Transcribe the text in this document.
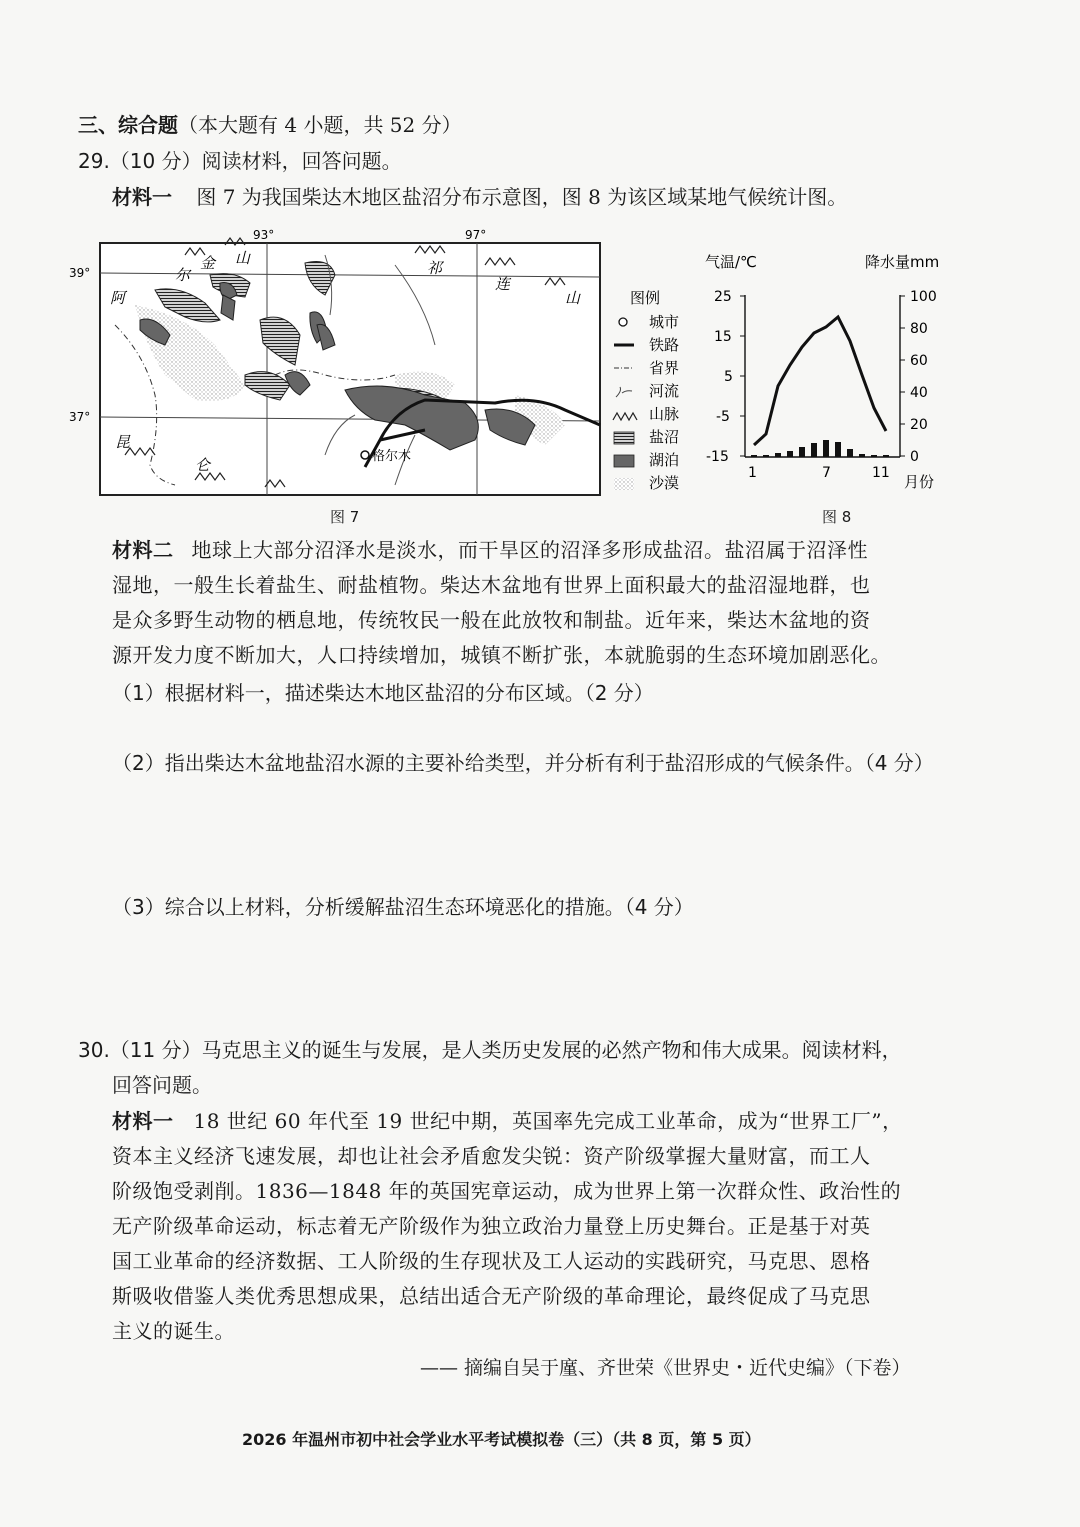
三、综合题（本大题有 4 小题，共 52 分）
29.（10 分）阅读材料，回答问题。
材料一 图 7 为我国柴达木地区盐沼分布示意图，图 8 为该区域某地气候统计图。
93°	97°
39°
37°
阿
尔
金 山
祁
连
山
昆
仑	格尔木
图例
城市
铁路
省界
河流
山脉
盐沼
湖泊
沙漠
图 7
气温/℃	降水量mm
25
15
5
-5
-15
100
80
60
40
20
0
1	7	11 月份
图 8
材料二 地球上大部分沼泽水是淡水，而干旱区的沼泽多形成盐沼。盐沼属于沼泽性
湿地，一般生长着盐生、耐盐植物。柴达木盆地有世界上面积最大的盐沼湿地群，也
是众多野生动物的栖息地，传统牧民一般在此放牧和制盐。近年来，柴达木盆地的资
源开发力度不断加大，人口持续增加，城镇不断扩张，本就脆弱的生态环境加剧恶化。
（1）根据材料一，描述柴达木地区盐沼的分布区域。（2 分）
（2）指出柴达木盆地盐沼水源的主要补给类型，并分析有利于盐沼形成的气候条件。（4 分）
（3）综合以上材料，分析缓解盐沼生态环境恶化的措施。（4 分）
30.（11 分）马克思主义的诞生与发展，是人类历史发展的必然产物和伟大成果。阅读材料，
回答问题。
材料一 18 世纪 60 年代至 19 世纪中期，英国率先完成工业革命，成为“世界工厂”，
资本主义经济飞速发展，却也让社会矛盾愈发尖锐：资产阶级掌握大量财富，而工人
阶级饱受剥削。1836—1848 年的英国宪章运动，成为世界上第一次群众性、政治性的
无产阶级革命运动，标志着无产阶级作为独立政治力量登上历史舞台。正是基于对英
国工业革命的经济数据、工人阶级的生存现状及工人运动的实践研究，马克思、恩格
斯吸收借鉴人类优秀思想成果，总结出适合无产阶级的革命理论，最终促成了马克思
主义的诞生。
—— 摘编自吴于廑、齐世荣《世界史・近代史编》（下卷）
2026 年温州市初中社会学业水平考试模拟卷（三）（共 8 页，第 5 页）
